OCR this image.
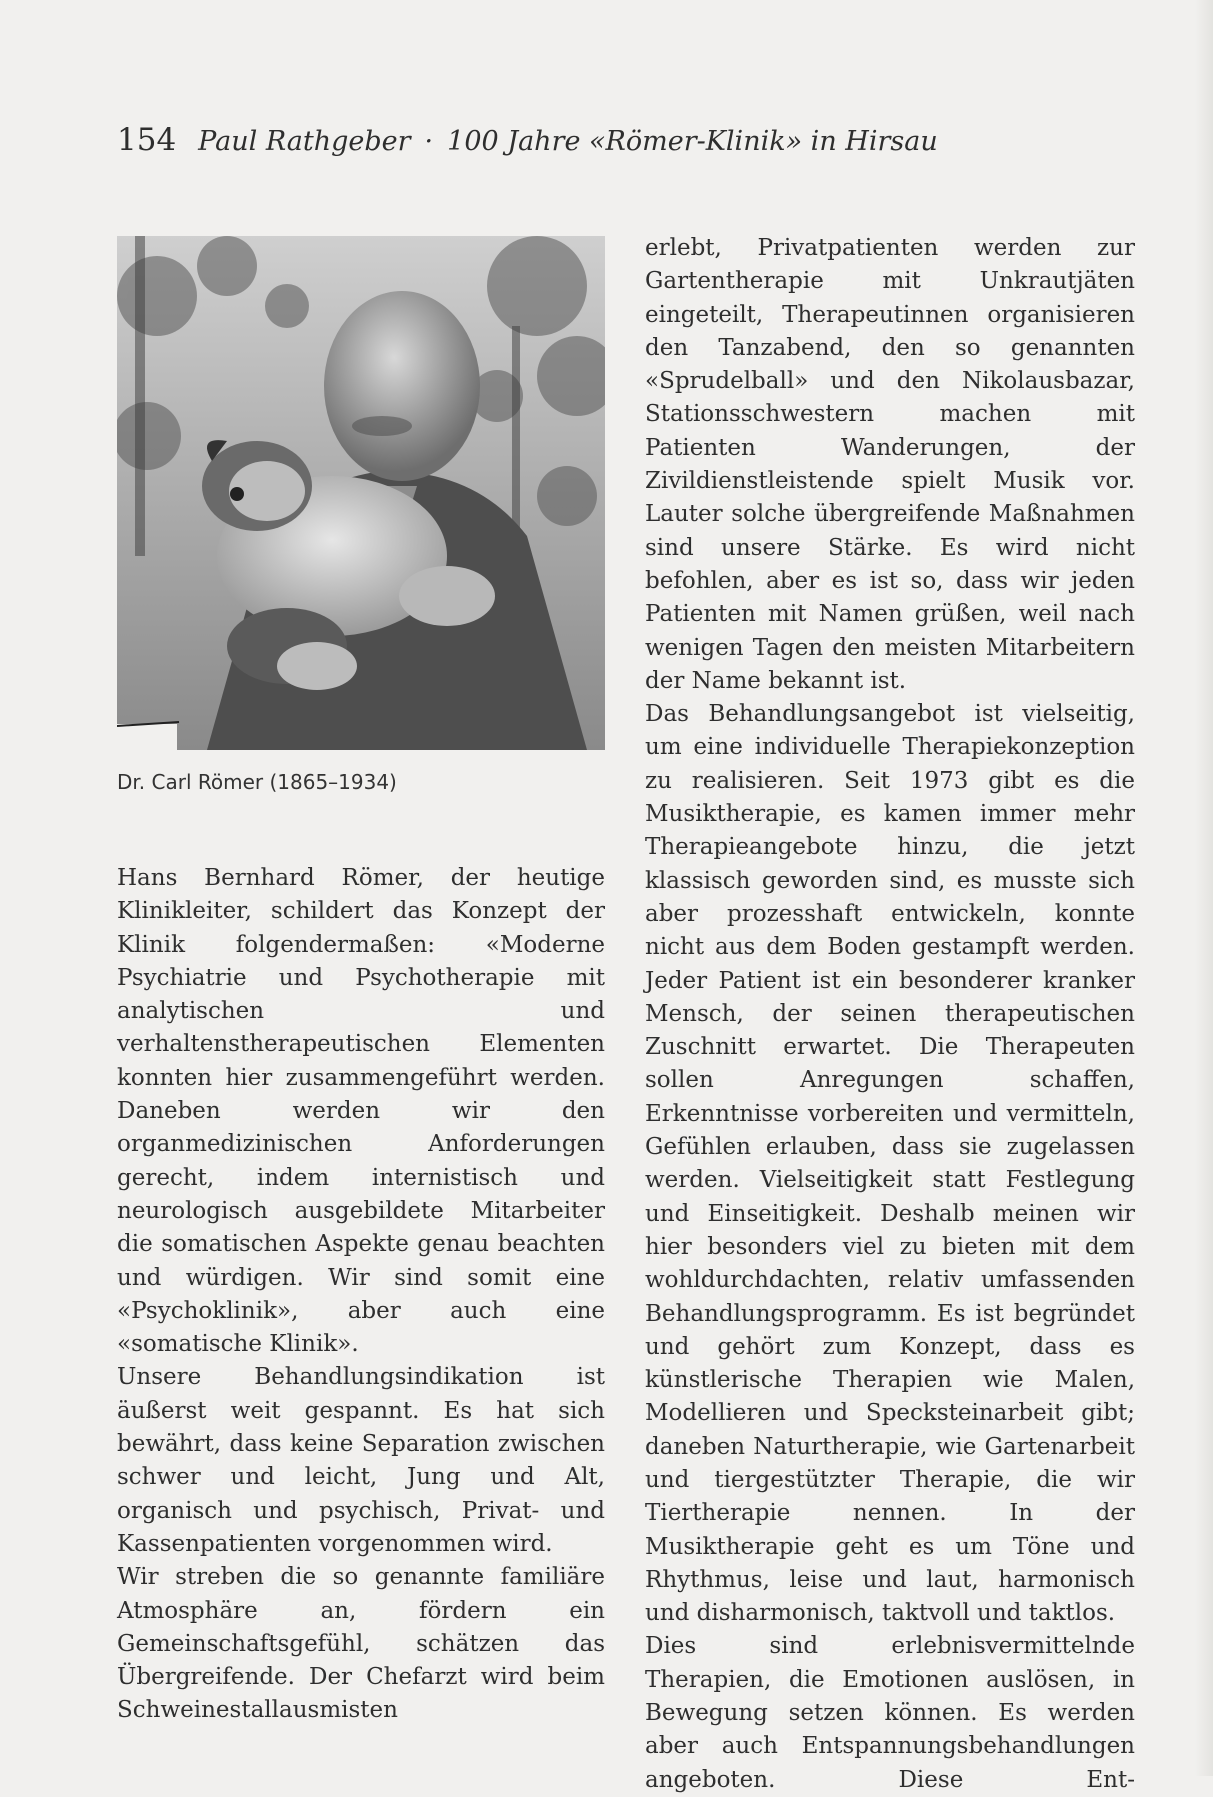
154 Paul Rathgeber · 100 Jahre «Römer-Klinik» in Hirsau
Dr. Carl Römer (1865–1934)

Hans Bernhard Römer, der heutige Klinikleiter, schildert das Konzept der Klinik folgendermaßen: «Moderne Psychiatrie und Psychotherapie mit analytischen und verhaltenstherapeutischen Elementen konnten hier zusammengeführt werden. Daneben werden wir den organmedizinischen Anforderungen gerecht, indem internistisch und neurologisch ausgebildete Mitarbeiter die somatischen Aspekte genau beachten und würdigen. Wir sind somit eine «Psychoklinik», aber auch eine «somatische Klinik».

Unsere Behandlungsindikation ist äußerst weit gespannt. Es hat sich bewährt, dass keine Separation zwischen schwer und leicht, Jung und Alt, organisch und psychisch, Privat- und Kassenpatienten vorgenommen wird.

Wir streben die so genannte familiäre Atmosphäre an, fördern ein Gemeinschaftsgefühl, schätzen das Übergreifende. Der Chefarzt wird beim Schweinestallausmisten

erlebt, Privatpatienten werden zur Gartentherapie mit Unkrautjäten eingeteilt, Therapeutinnen organisieren den Tanzabend, den so genannten «Sprudelball» und den Nikolausbazar, Stationsschwestern machen mit Patienten Wanderungen, der Zivildienstleistende spielt Musik vor. Lauter solche übergreifende Maßnahmen sind unsere Stärke. Es wird nicht befohlen, aber es ist so, dass wir jeden Patienten mit Namen grüßen, weil nach wenigen Tagen den meisten Mitarbeitern der Name bekannt ist.

Das Behandlungsangebot ist vielseitig, um eine individuelle Therapiekonzeption zu realisieren. Seit 1973 gibt es die Musiktherapie, es kamen immer mehr Therapieangebote hinzu, die jetzt klassisch geworden sind, es musste sich aber prozesshaft entwickeln, konnte nicht aus dem Boden gestampft werden. Jeder Patient ist ein besonderer kranker Mensch, der seinen therapeutischen Zuschnitt erwartet. Die Therapeuten sollen Anregungen schaffen, Erkenntnisse vorbereiten und vermitteln, Gefühlen erlauben, dass sie zugelassen werden. Vielseitigkeit statt Festlegung und Einseitigkeit. Deshalb meinen wir hier besonders viel zu bieten mit dem wohldurchdachten, relativ umfassenden Behandlungsprogramm. Es ist begründet und gehört zum Konzept, dass es künstlerische Therapien wie Malen, Modellieren und Specksteinarbeit gibt; daneben Naturtherapie, wie Gartenarbeit und tiergestützter Therapie, die wir Tiertherapie nennen. In der Musiktherapie geht es um Töne und Rhythmus, leise und laut, harmonisch und disharmonisch, taktvoll und taktlos.

Dies sind erlebnisvermittelnde Therapien, die Emotionen auslösen, in Bewegung setzen können. Es werden aber auch Entspannungsbehandlungen angeboten. Diese Ent-
